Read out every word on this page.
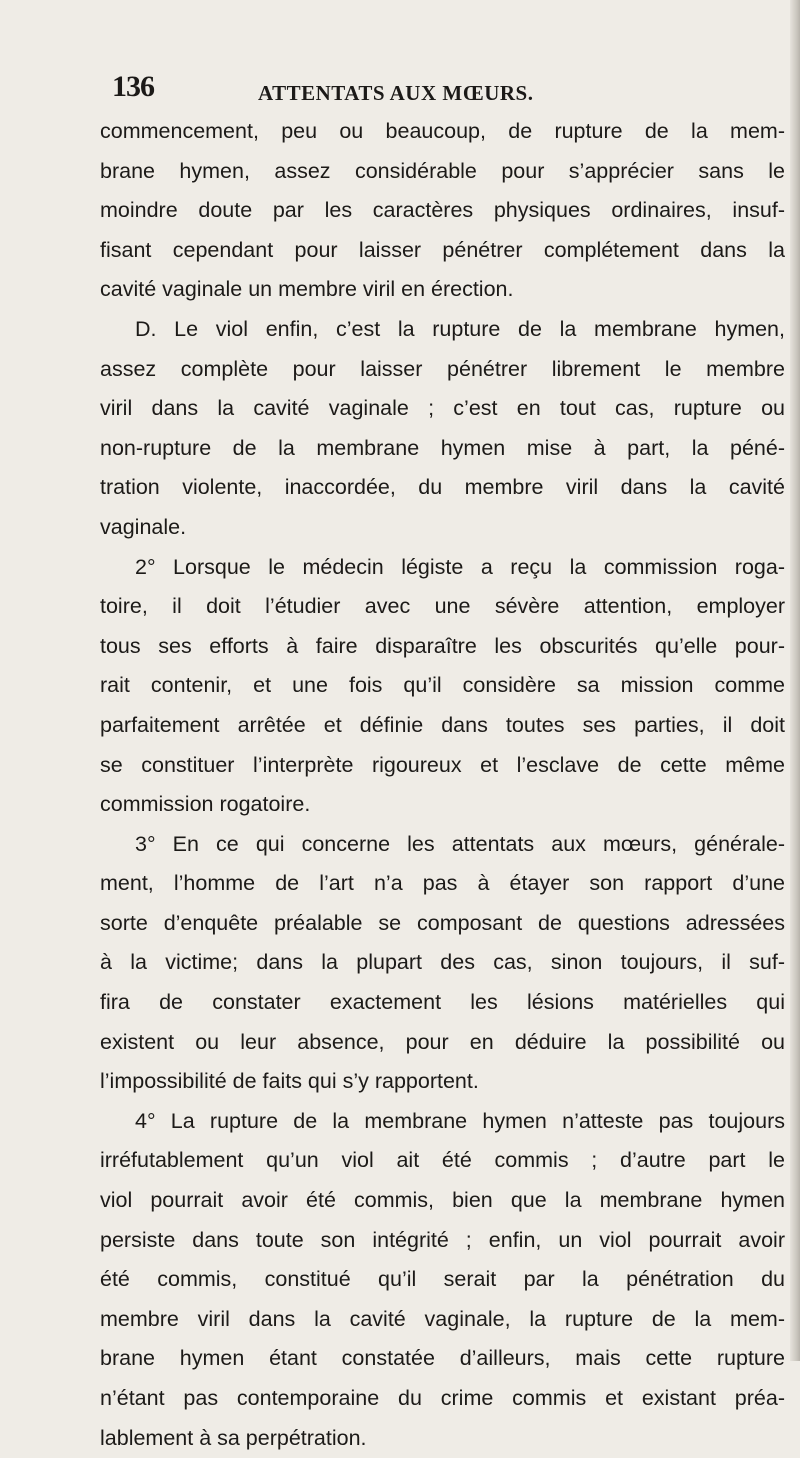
136	ATTENTATS AUX MŒURS.
commencement, peu ou beaucoup, de rupture de la mem-
brane hymen, assez considérable pour s’apprécier sans le
moindre doute par les caractères physiques ordinaires, insuf-
fisant cependant pour laisser pénétrer complétement dans la
cavité vaginale un membre viril en érection.
D. Le viol enfin, c’est la rupture de la membrane hymen,
assez complète pour laisser pénétrer librement le membre
viril dans la cavité vaginale ; c’est en tout cas, rupture ou
non-rupture de la membrane hymen mise à part, la péné-
tration violente, inaccordée, du membre viril dans la cavité
vaginale.
2° Lorsque le médecin légiste a reçu la commission roga-
toire, il doit l’étudier avec une sévère attention, employer
tous ses efforts à faire disparaître les obscurités qu’elle pour-
rait contenir, et une fois qu’il considère sa mission comme
parfaitement arrêtée et définie dans toutes ses parties, il doit
se constituer l’interprète rigoureux et l’esclave de cette même
commission rogatoire.
3° En ce qui concerne les attentats aux mœurs, générale-
ment, l’homme de l’art n’a pas à étayer son rapport d’une
sorte d’enquête préalable se composant de questions adressées
à la victime; dans la plupart des cas, sinon toujours, il suf-
fira de constater exactement les lésions matérielles qui
existent ou leur absence, pour en déduire la possibilité ou
l’impossibilité de faits qui s’y rapportent.
4° La rupture de la membrane hymen n’atteste pas toujours
irréfutablement qu’un viol ait été commis ; d’autre part le
viol pourrait avoir été commis, bien que la membrane hymen
persiste dans toute son intégrité ; enfin, un viol pourrait avoir
été commis, constitué qu’il serait par la pénétration du
membre viril dans la cavité vaginale, la rupture de la mem-
brane hymen étant constatée d’ailleurs, mais cette rupture
n’étant pas contemporaine du crime commis et existant préa-
lablement à sa perpétration.
